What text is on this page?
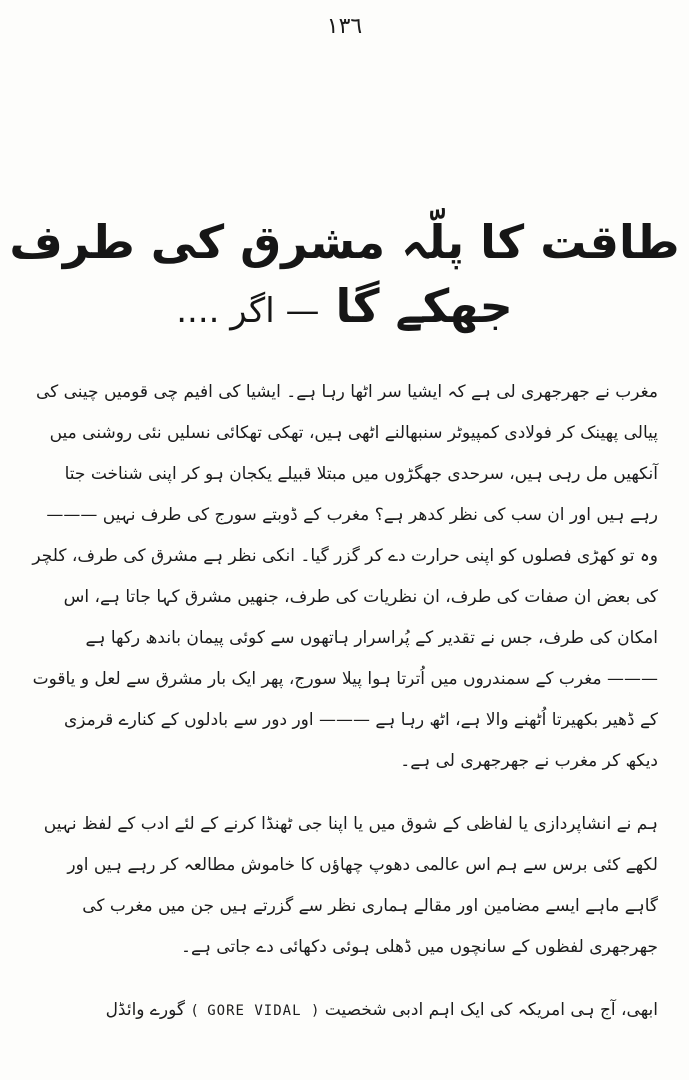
١٣٦
طاقت کا پلّہ مشرق کی طرف جھکے گا — اگر ....

مغرب نے جھرجھری لی ہے کہ ایشیا سر اٹھا رہا ہے۔ ایشیا کی افیم چی قومیں چینی کی پیالی پھینک کر فولادی کمپیوٹر سنبھالنے اٹھی ہیں، تھکی تھکائی نسلیں نئی روشنی میں آنکھیں مل رہی ہیں، سرحدی جھگڑوں میں مبتلا قبیلے یکجان ہو کر اپنی شناخت جتا رہے ہیں اور ان سب کی نظر کدھر ہے؟ مغرب کے ڈوبتے سورج کی طرف نہیں ——— وہ تو کھڑی فصلوں کو اپنی حرارت دے کر گزر گیا۔ انکی نظر ہے مشرق کی طرف، کلچر کی بعض ان صفات کی طرف، ان نظریات کی طرف، جنھیں مشرق کہا جاتا ہے، اس امکان کی طرف، جس نے تقدیر کے پُراسرار ہاتھوں سے کوئی پیمان باندھ رکھا ہے ——— مغرب کے سمندروں میں اُترتا ہوا پیلا سورج، پھر ایک بار مشرق سے لعل و یاقوت کے ڈھیر بکھیرتا اُٹھنے والا ہے، اٹھ رہا ہے ——— اور دور سے بادلوں کے کنارے قرمزی دیکھ کر مغرب نے جھرجھری لی ہے۔

ہم نے انشاپردازی یا لفاظی کے شوق میں یا اپنا جی ٹھنڈا کرنے کے لئے ادب کے لفظ نہیں لکھے کئی برس سے ہم اس عالمی دھوپ چھاؤں کا خاموش مطالعہ کر رہے ہیں اور گاہے ماہے ایسے مضامین اور مقالے ہماری نظر سے گزرتے ہیں جن میں مغرب کی جھرجھری لفظوں کے سانچوں میں ڈھلی ہوئی دکھائی دے جاتی ہے۔

ابھی، آج ہی امریکہ کی ایک اہم ادبی شخصیت ( GORE VIDAL ) گورے وائڈل
